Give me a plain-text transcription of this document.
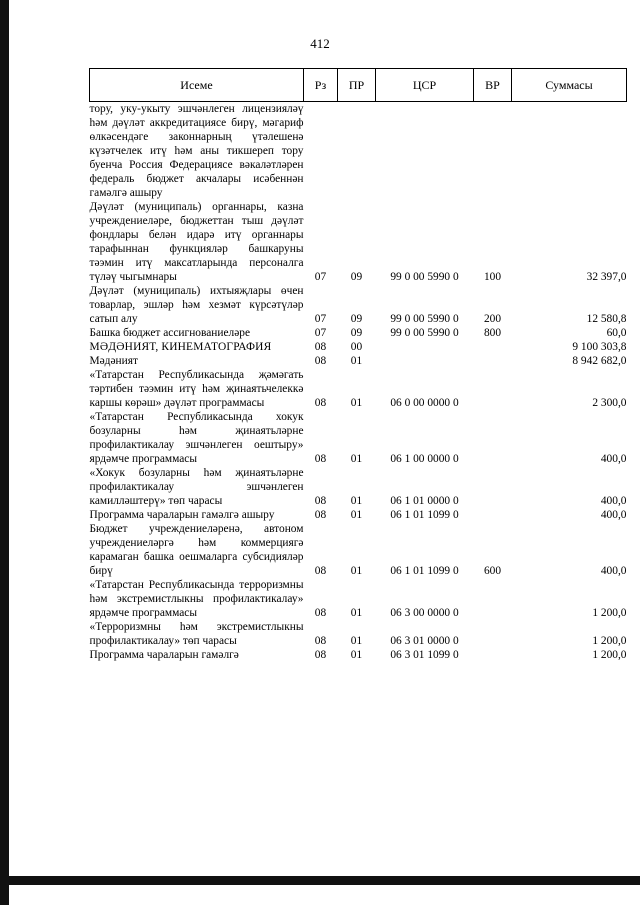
412
Исеме	Рз	ПР	ЦСР	ВР	Суммасы
тору, уку-укыту эшчәнлеген лицензияләү һәм дәүләт аккредитациясе бирү, мәгариф өлкәсендәге законнарның үтәлешенә күзәтчелек итү һәм аны тикшереп тору буенча Россия Федерациясе вәкаләтләрен федераль бюджет акчалары исәбеннән гамәлгә ашыру					
Дәүләт (муниципаль) органнары, казна учреждениеләре, бюджеттан тыш дәүләт фондлары белән идарә итү органнары тарафыннан функцияләр башкаруны тәэмин итү максатларында персоналга түләү чыгымнары	07	09	99 0 00 5990 0	100	32 397,0
Дәүләт (муниципаль) ихтыяҗлары өчен товарлар, эшләр һәм хезмәт күрсәтүләр сатып алу	07	09	99 0 00 5990 0	200	12 580,8
Башка бюджет ассигнованиеләре	07	09	99 0 00 5990 0	800	60,0
МӘДӘНИЯТ, КИНЕМАТОГРАФИЯ	08	00			9 100 303,8
Мәдәният	08	01			8 942 682,0
«Татарстан Республикасында җәмәгать тәртибен тәэмин итү һәм җинаятьчелеккә каршы көрәш» дәүләт программасы	08	01	06 0 00 0000 0		2 300,0
«Татарстан Республикасында хокук бозуларны һәм җинаятьләрне профилактикалау эшчәнлеген оештыру» ярдәмче программасы	08	01	06 1 00 0000 0		400,0
«Хокук бозуларны һәм җинаятьләрне профилактикалау эшчәнлеген камилләштерү» төп чарасы	08	01	06 1 01 0000 0		400,0
Программа чараларын гамәлгә ашыру	08	01	06 1 01 1099 0		400,0
Бюджет учреждениеләренә, автоном учреждениеләргә һәм коммерциягә карамаган башка оешмаларга субсидияләр бирү	08	01	06 1 01 1099 0	600	400,0
«Татарстан Республикасында терроризмны һәм экстремистлыкны профилактикалау» ярдәмче программасы	08	01	06 3 00 0000 0		1 200,0
«Терроризмны һәм экстремистлыкны профилактикалау» төп чарасы	08	01	06 3 01 0000 0		1 200,0
Программа чараларын гамәлгә	08	01	06 3 01 1099 0		1 200,0
